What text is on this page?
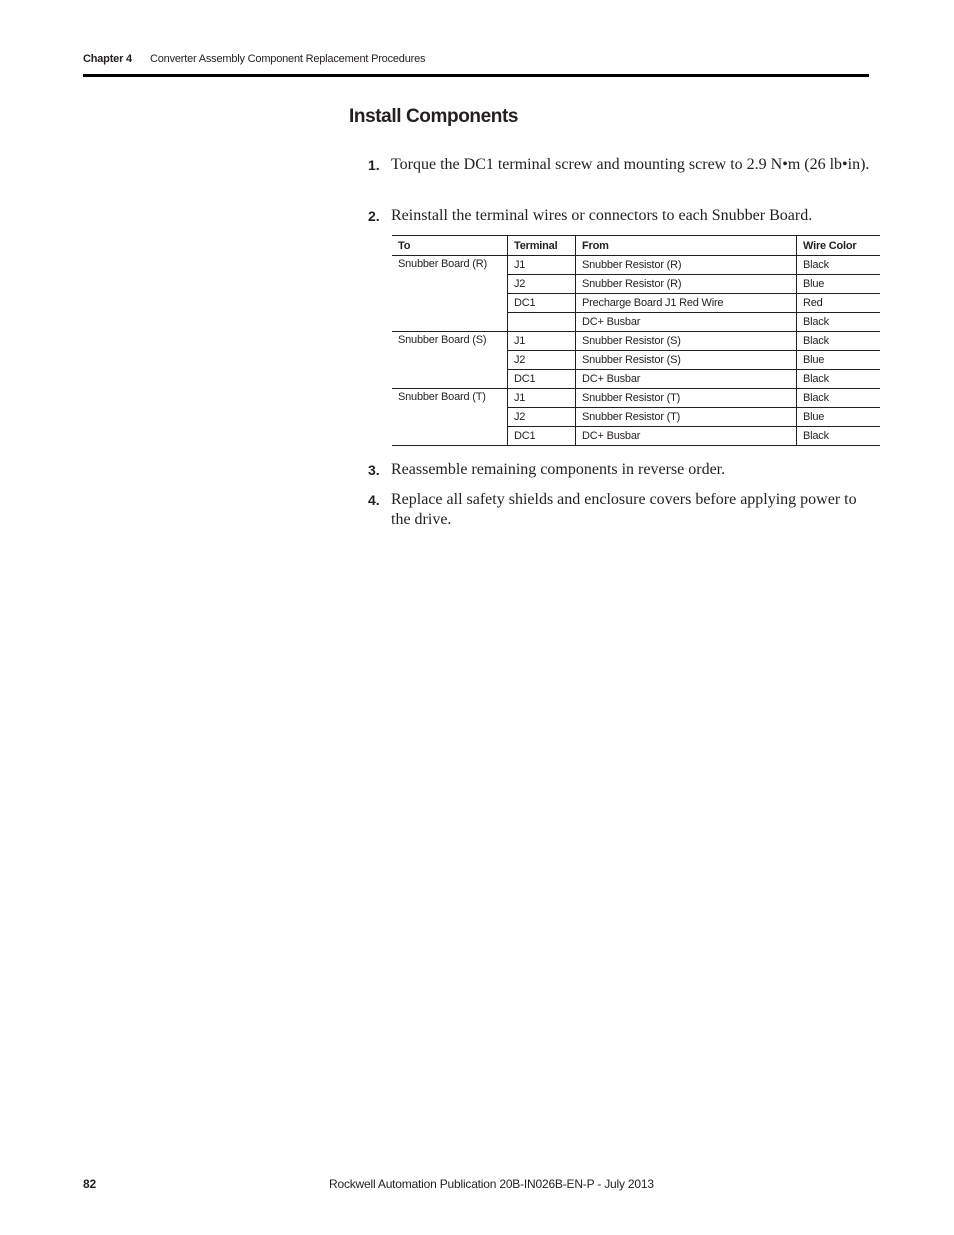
Chapter 4 Converter Assembly Component Replacement Procedures
Install Components
1. Torque the DC1 terminal screw and mounting screw to 2.9 N•m (26 lb•in).
2. Reinstall the terminal wires or connectors to each Snubber Board.
To	Terminal	From	Wire Color
Snubber Board (R)	J1	Snubber Resistor (R)	Black
	J2	Snubber Resistor (R)	Blue
	DC1	Precharge Board J1 Red Wire	Red
		DC+ Busbar	Black
Snubber Board (S)	J1	Snubber Resistor (S)	Black
	J2	Snubber Resistor (S)	Blue
	DC1	DC+ Busbar	Black
Snubber Board (T)	J1	Snubber Resistor (T)	Black
	J2	Snubber Resistor (T)	Blue
	DC1	DC+ Busbar	Black
3. Reassemble remaining components in reverse order.
4. Replace all safety shields and enclosure covers before applying power to the drive.
82	Rockwell Automation Publication 20B-IN026B-EN-P - July 2013
